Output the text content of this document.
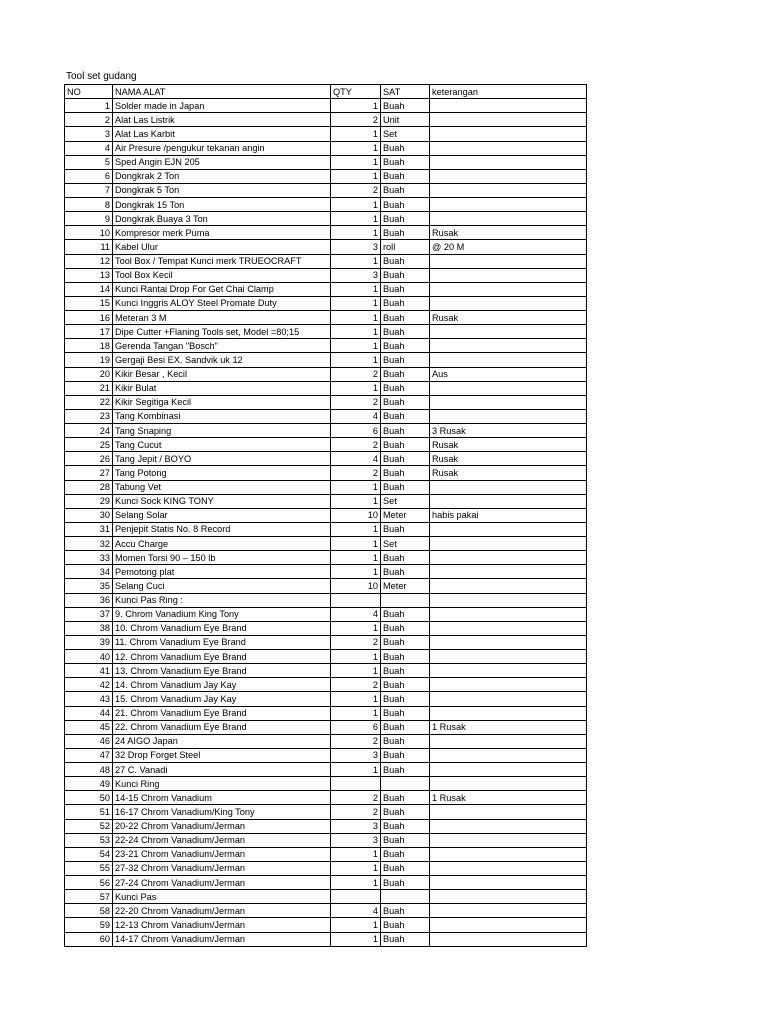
Tool set gudang
NO	NAMA ALAT	QTY	SAT	keterangan
1	Solder made in Japan	1	Buah	
2	Alat Las Listrik	2	Unit	
3	Alat Las Karbit	1	Set	
4	Air Presure /pengukur tekanan angin	1	Buah	
5	Sped Angin EJN 205	1	Buah	
6	Dongkrak 2 Ton	1	Buah	
7	Dongkrak 5 Ton	2	Buah	
8	Dongkrak 15 Ton	1	Buah	
9	Dongkrak Buaya 3 Ton	1	Buah	
10	Kompresor merk Puma	1	Buah	Rusak
11	Kabel Ulur	3	roll	@ 20 M
12	Tool Box / Tempat Kunci merk TRUEOCRAFT	1	Buah	
13	Tool Box Kecil	3	Buah	
14	Kunci Rantai Drop For Get Chai Clamp	1	Buah	
15	Kunci Inggris ALOY Steel Promate Duty	1	Buah	
16	Meteran 3 M	1	Buah	Rusak
17	Dipe Cutter +Flaning Tools set, Model =80;15	1	Buah	
18	Gerenda Tangan "Bosch"	1	Buah	
19	Gergaji Besi EX. Sandvik uk 12	1	Buah	
20	Kikir Besar , Kecil	2	Buah	Aus
21	Kikir Bulat	1	Buah	
22	Kikir Segitiga Kecil	2	Buah	
23	Tang Kombinasi	4	Buah	
24	Tang Snaping	6	Buah	3 Rusak
25	Tang Cucut	2	Buah	Rusak
26	Tang Jepit / BOYO	4	Buah	Rusak
27	Tang Potong	2	Buah	Rusak
28	Tabung Vet	1	Buah	
29	Kunci Sock KING TONY	1	Set	
30	Selang Solar	10	Meter	habis pakai
31	Penjepit Statis No. 8 Record	1	Buah	
32	Accu Charge	1	Set	
33	Momen Torsi 90 – 150 lb	1	Buah	
34	Pemotong plat	1	Buah	
35	Selang Cuci	10	Meter	
36	Kunci Pas Ring :			
37	9. Chrom Vanadium King Tony	4	Buah	
38	10. Chrom Vanadium Eye Brand	1	Buah	
39	11. Chrom Vanadium Eye Brand	2	Buah	
40	12. Chrom Vanadium Eye Brand	1	Buah	
41	13. Chrom Vanadium Eye Brand	1	Buah	
42	14. Chrom Vanadium Jay Kay	2	Buah	
43	15. Chrom Vanadium Jay Kay	1	Buah	
44	21. Chrom Vanadium Eye Brand	1	Buah	
45	22. Chrom Vanadium Eye Brand	6	Buah	1 Rusak
46	24 AIGO Japan	2	Buah	
47	32 Drop Forget Steel	3	Buah	
48	27 C. Vanadi	1	Buah	
49	Kunci Ring			
50	14-15 Chrom Vanadium	2	Buah	1 Rusak
51	16-17 Chrom Vanadium/King Tony	2	Buah	
52	20-22 Chrom Vanadium/Jerman	3	Buah	
53	22-24 Chrom Vanadium/Jerman	3	Buah	
54	23-21 Chrom Vanadium/Jerman	1	Buah	
55	27-32 Chrom Vanadium/Jerman	1	Buah	
56	27-24 Chrom Vanadium/Jerman	1	Buah	
57	Kunci Pas			
58	22-20 Chrom Vanadium/Jerman	4	Buah	
59	12-13 Chrom Vanadium/Jerman	1	Buah	
60	14-17 Chrom Vanadium/Jerman	1	Buah	
